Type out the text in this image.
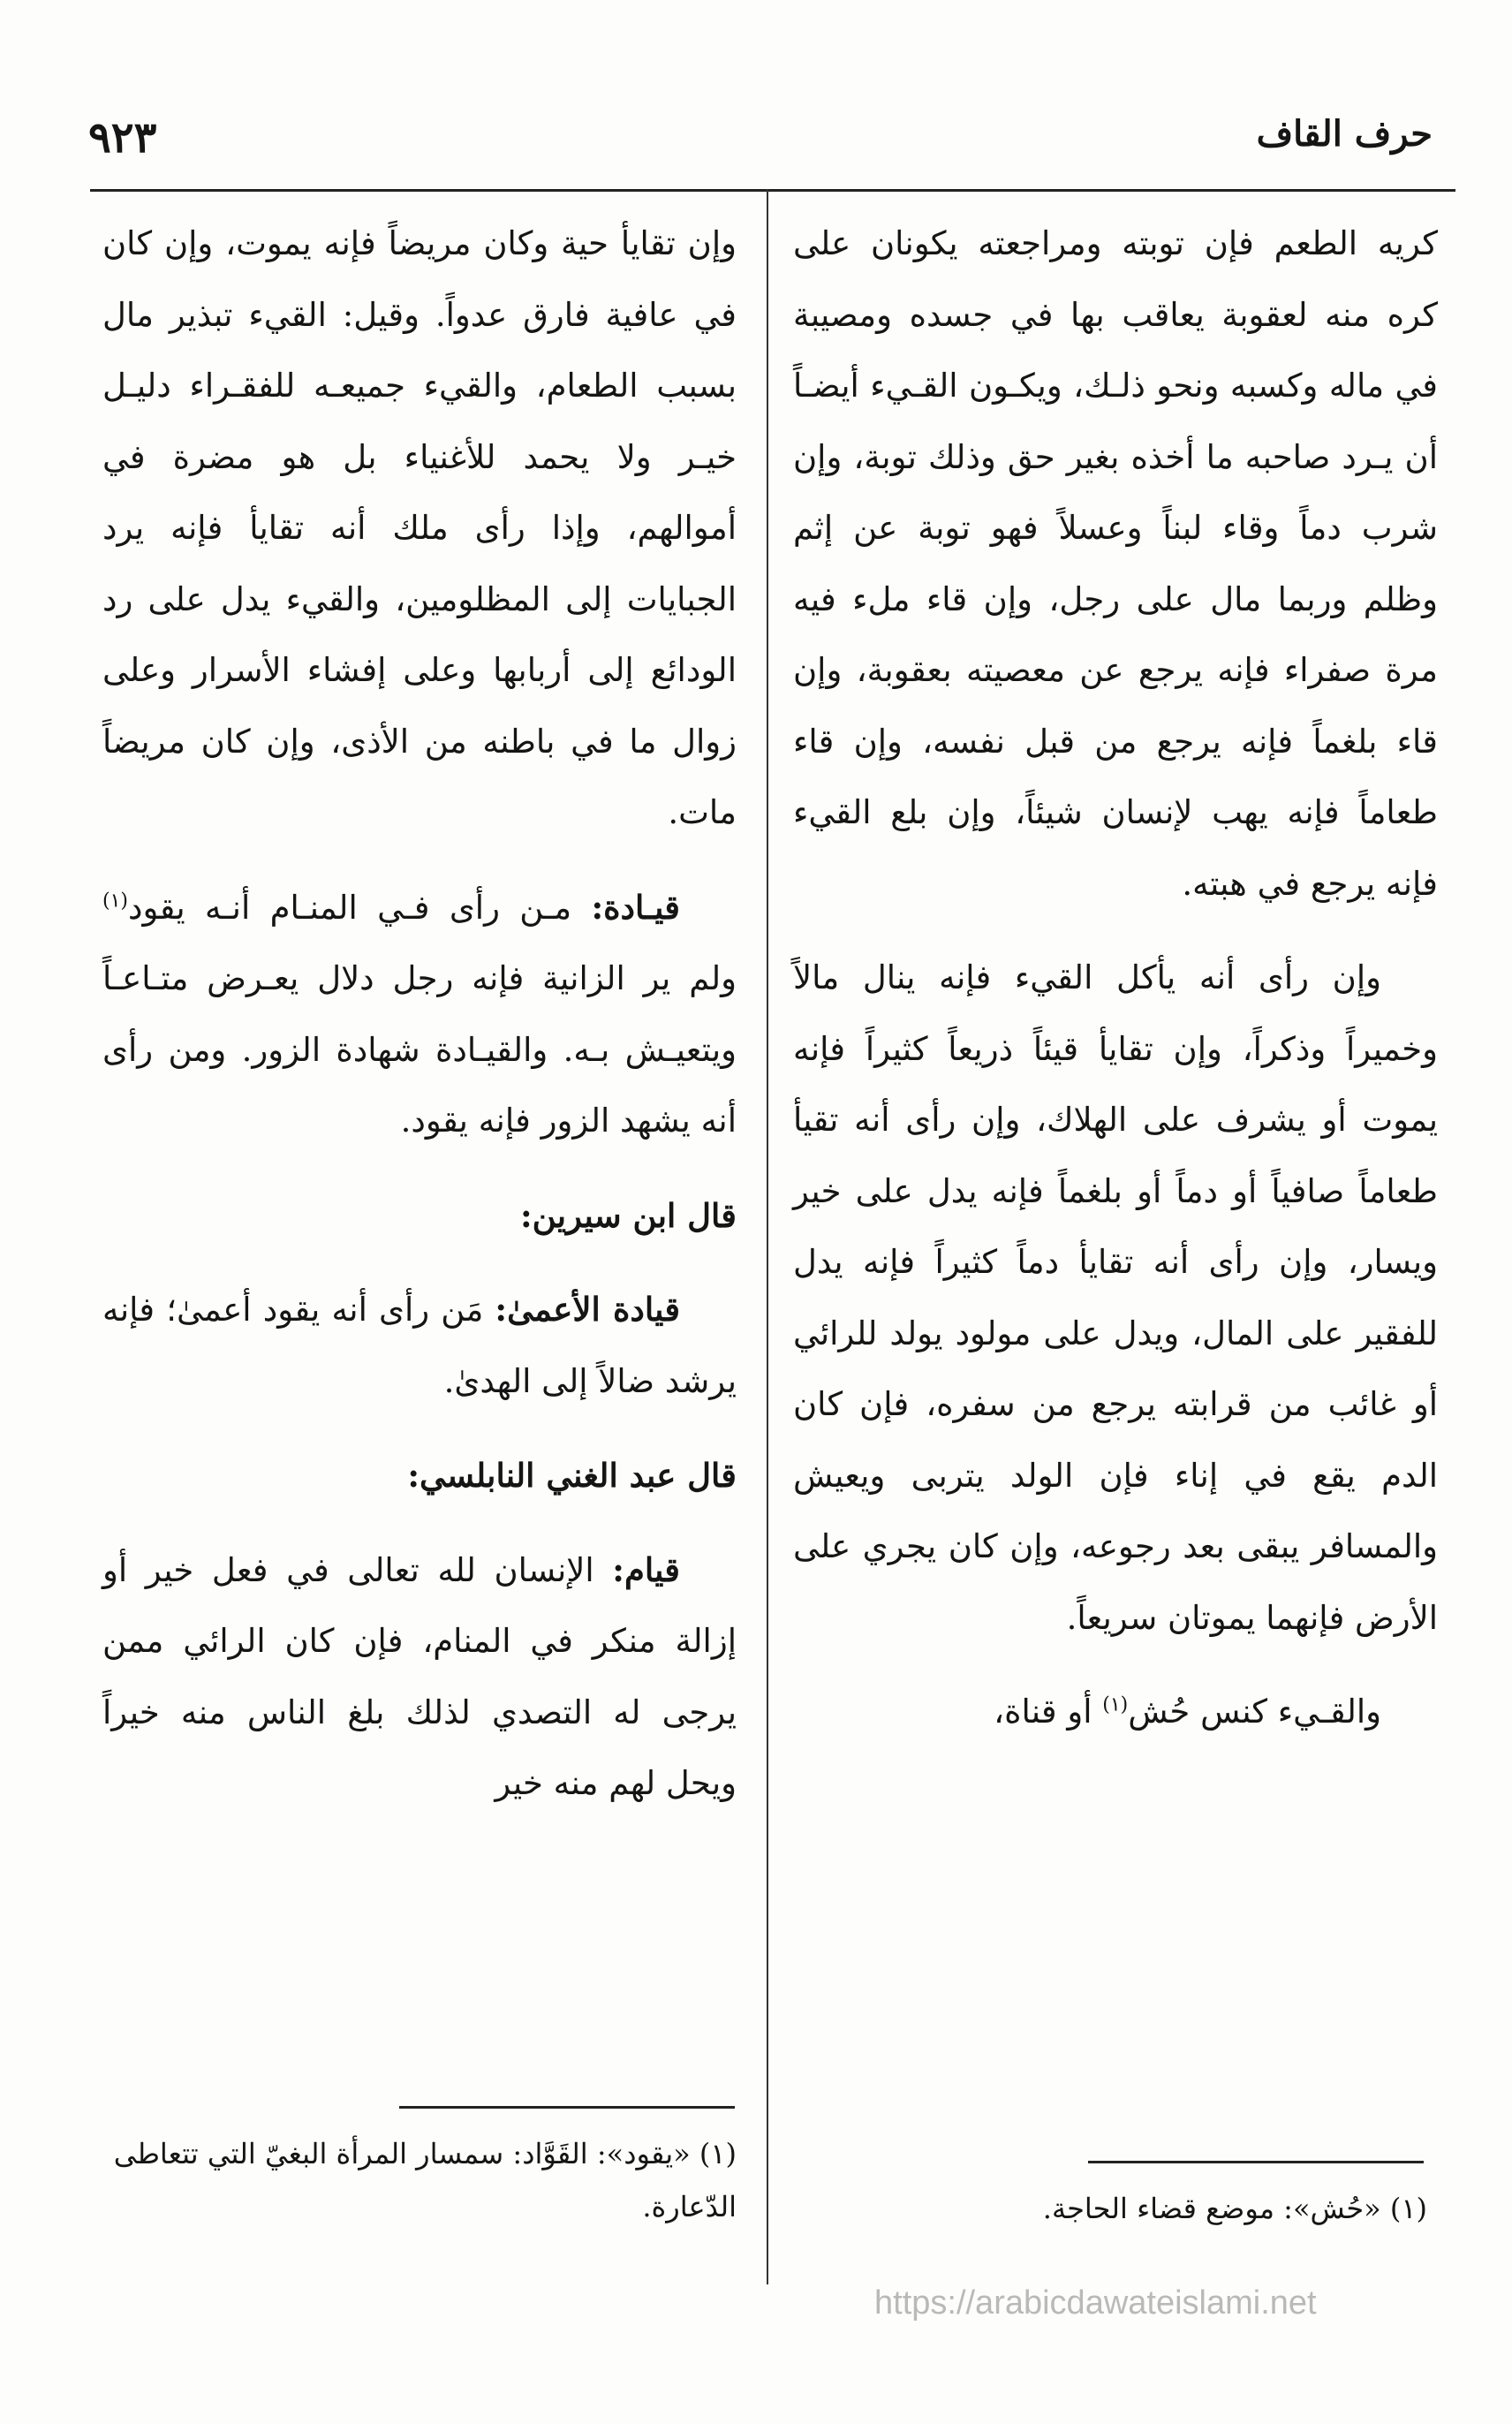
حرف القاف
٩٢٣

كريه الطعم فإن توبته ومراجعته يكونان على كره منه لعقوبة يعاقب بها في جسده ومصيبة في ماله وكسبه ونحو ذلـك، ويكـون القـيء أيضـاً أن يـرد صاحبه ما أخذه بغير حق وذلك توبة، وإن شرب دماً وقاء لبناً وعسلاً فهو توبة عن إثم وظلم وربما مال على رجل، وإن قاء ملء فيه مرة صفراء فإنه يرجع عن معصيته بعقوبة، وإن قاء بلغماً فإنه يرجع من قبل نفسه، وإن قاء طعاماً فإنه يهب لإنسان شيئاً، وإن بلع القيء فإنه يرجع في هبته.

وإن رأى أنه يأكل القيء فإنه ينال مالاً وخميراً وذكراً، وإن تقايأ قيئاً ذريعاً كثيراً فإنه يموت أو يشرف على الهلاك، وإن رأى أنه تقيأ طعاماً صافياً أو دماً أو بلغماً فإنه يدل على خير ويسار، وإن رأى أنه تقايأ دماً كثيراً فإنه يدل للفقير على المال، ويدل على مولود يولد للرائي أو غائب من قرابته يرجع من سفره، فإن كان الدم يقع في إناء فإن الولد يتربى ويعيش والمسافر يبقى بعد رجوعه، وإن كان يجري على الأرض فإنهما يموتان سريعاً.

والقـيء كنس حُش$^{(١)}$ أو قناة،

وإن تقايأ حية وكان مريضاً فإنه يموت، وإن كان في عافية فارق عدواً. وقيل: القيء تبذير مال بسبب الطعام، والقيء جميعـه للفقـراء دليـل خيـر ولا يحمد للأغنياء بل هو مضرة في أموالهم، وإذا رأى ملك أنه تقايأ فإنه يرد الجبايات إلى المظلومين، والقيء يدل على رد الودائع إلى أربابها وعلى إفشاء الأسرار وعلى زوال ما في باطنه من الأذى، وإن كان مريضاً مات.

قيـادة: مـن رأى فـي المنـام أنـه يقود$^{(١)}$ ولم ير الزانية فإنه رجل دلال يعـرض متـاعـاً ويتعيـش بـه. والقيـادة شهادة الزور. ومن رأى أنه يشهد الزور فإنه يقود.

قال ابن سيرين:

قيادة الأعمىٰ: مَن رأى أنه يقود أعمىٰ؛ فإنه يرشد ضالاً إلى الهدىٰ.

قال عبد الغني النابلسي:

قيام: الإنسان لله تعالى في فعل خير أو إزالة منكر في المنام، فإن كان الرائي ممن يرجى له التصدي لذلك بلغ الناس منه خيراً ويحل لهم منه خير

(١) «حُش»: موضع قضاء الحاجة.
(١) «يقود»: القَوَّاد: سمسار المرأة البغيّ التي تتعاطى الدّعارة.
https://arabicdawateislami.net
